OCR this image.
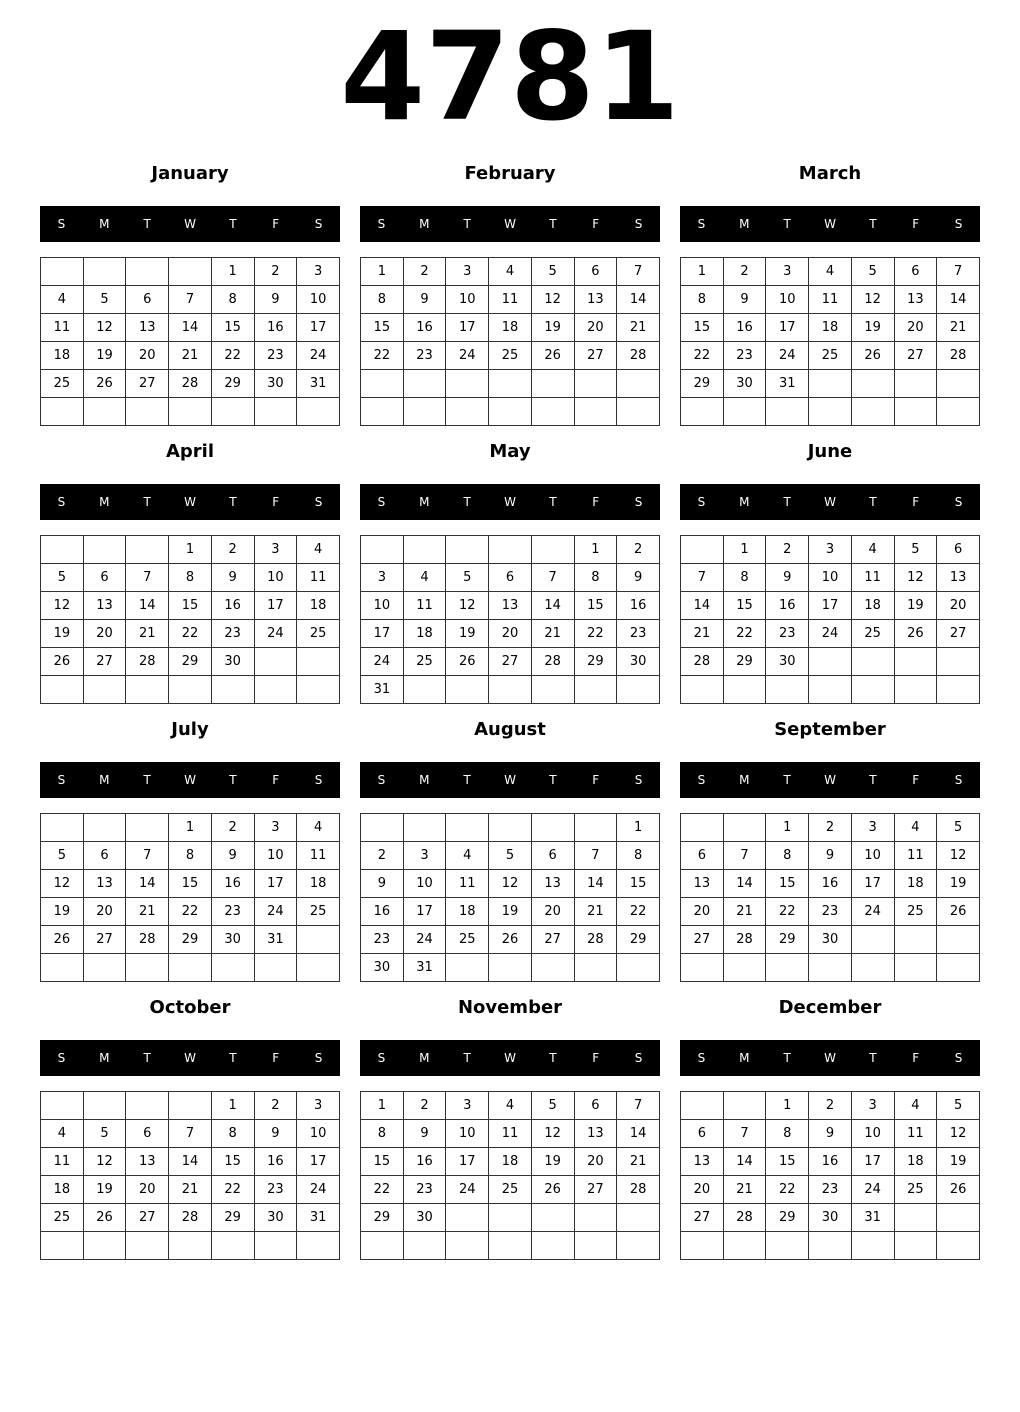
4781
January
S	M	T	W	T	F	S
				1	2	3
4	5	6	7	8	9	10
11	12	13	14	15	16	17
18	19	20	21	22	23	24
25	26	27	28	29	30	31

February
S	M	T	W	T	F	S
1	2	3	4	5	6	7
8	9	10	11	12	13	14
15	16	17	18	19	20	21
22	23	24	25	26	27	28

March
S	M	T	W	T	F	S
1	2	3	4	5	6	7
8	9	10	11	12	13	14
15	16	17	18	19	20	21
22	23	24	25	26	27	28
29	30	31				

April
S	M	T	W	T	F	S
			1	2	3	4
5	6	7	8	9	10	11
12	13	14	15	16	17	18
19	20	21	22	23	24	25
26	27	28	29	30		

May
S	M	T	W	T	F	S
					1	2
3	4	5	6	7	8	9
10	11	12	13	14	15	16
17	18	19	20	21	22	23
24	25	26	27	28	29	30
31						
June
S	M	T	W	T	F	S
	1	2	3	4	5	6
7	8	9	10	11	12	13
14	15	16	17	18	19	20
21	22	23	24	25	26	27
28	29	30				

July
S	M	T	W	T	F	S
			1	2	3	4
5	6	7	8	9	10	11
12	13	14	15	16	17	18
19	20	21	22	23	24	25
26	27	28	29	30	31	

August
S	M	T	W	T	F	S
						1
2	3	4	5	6	7	8
9	10	11	12	13	14	15
16	17	18	19	20	21	22
23	24	25	26	27	28	29
30	31					
September
S	M	T	W	T	F	S
		1	2	3	4	5
6	7	8	9	10	11	12
13	14	15	16	17	18	19
20	21	22	23	24	25	26
27	28	29	30			

October
S	M	T	W	T	F	S
				1	2	3
4	5	6	7	8	9	10
11	12	13	14	15	16	17
18	19	20	21	22	23	24
25	26	27	28	29	30	31

November
S	M	T	W	T	F	S
1	2	3	4	5	6	7
8	9	10	11	12	13	14
15	16	17	18	19	20	21
22	23	24	25	26	27	28
29	30					

December
S	M	T	W	T	F	S
		1	2	3	4	5
6	7	8	9	10	11	12
13	14	15	16	17	18	19
20	21	22	23	24	25	26
27	28	29	30	31		
